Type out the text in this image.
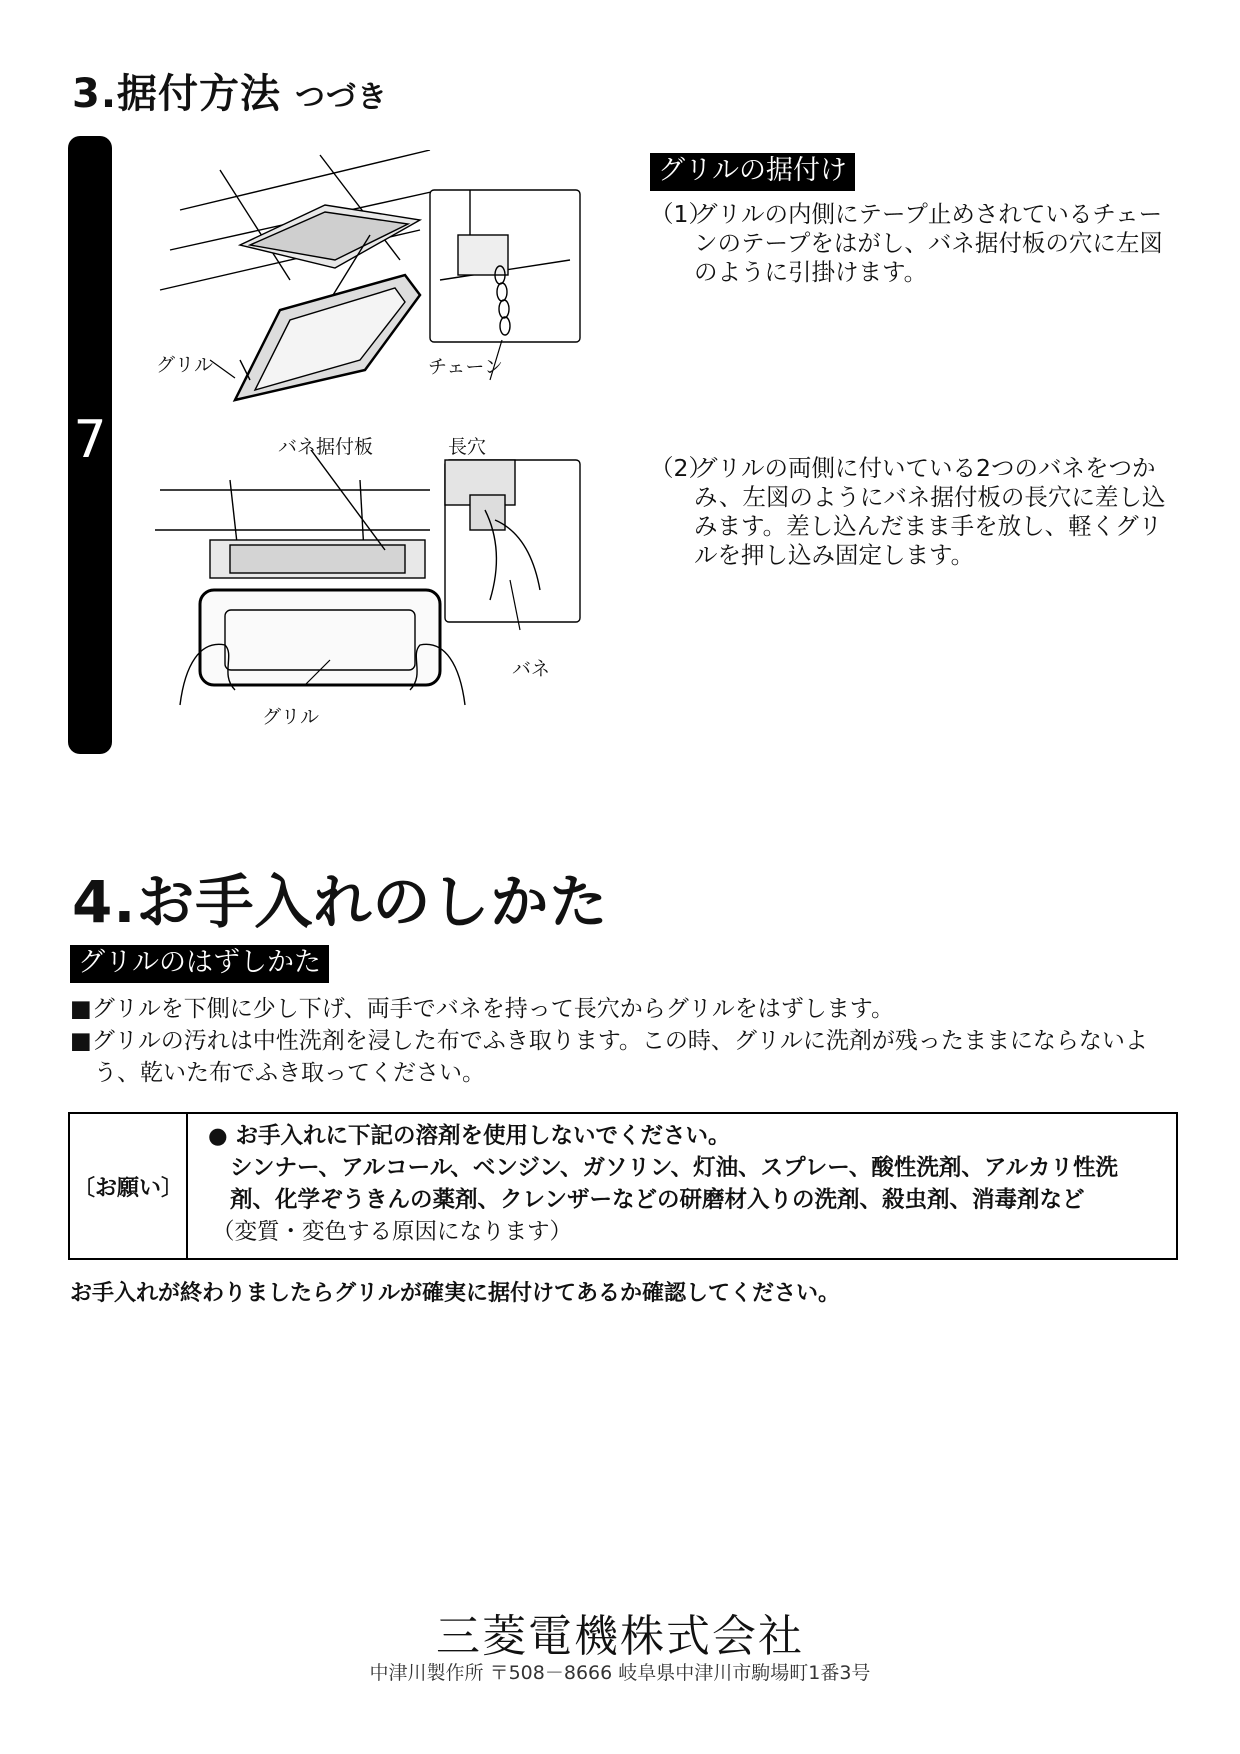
3.据付方法 つづき
7
グリル	チェーン
バネ据付板	長穴
バネ
グリル
グリルの据付け
（1）
グリルの内側にテープ止めされているチェーンのテープをはがし、バネ据付板の穴に左図のように引掛けます。
（2）
グリルの両側に付いている2つのバネをつかみ、左図のようにバネ据付板の長穴に差し込みます。差し込んだまま手を放し、軽くグリルを押し込み固定します。
4.お手入れのしかた
グリルのはずしかた
■グリルを下側に少し下げ、両手でバネを持って長穴からグリルをはずします。
■グリルの汚れは中性洗剤を浸した布でふき取ります。この時、グリルに洗剤が残ったままにならないよう、乾いた布でふき取ってください。
〔お願い〕
● お手入れに下記の溶剤を使用しないでください。
シンナー、アルコール、ベンジン、ガソリン、灯油、スプレー、酸性洗剤、アルカリ性洗剤、化学ぞうきんの薬剤、クレンザーなどの研磨材入りの洗剤、殺虫剤、消毒剤など
（変質・変色する原因になります）
お手入れが終わりましたらグリルが確実に据付けてあるか確認してください。
三菱電機株式会社
中津川製作所 〒508－8666 岐阜県中津川市駒場町1番3号
